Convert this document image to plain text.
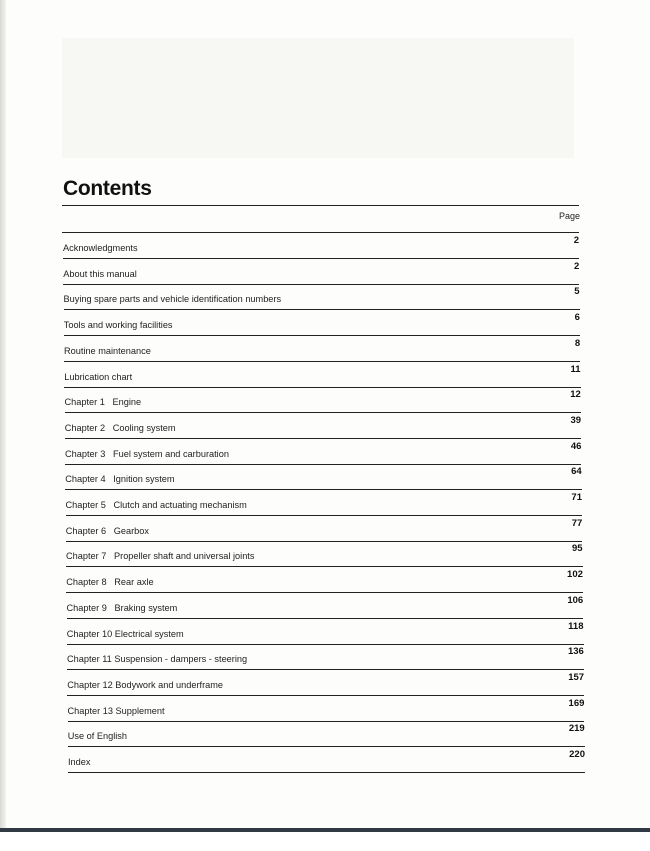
Contents
Page
Acknowledgments
2
About this manual
2
Buying spare parts and vehicle identification numbers
5
Tools and working facilities
6
Routine maintenance
8
Lubrication chart
11
Chapter 1   Engine
12
Chapter 2   Cooling system
39
Chapter 3   Fuel system and carburation
46
Chapter 4   Ignition system
64
Chapter 5   Clutch and actuating mechanism
71
Chapter 6   Gearbox
77
Chapter 7   Propeller shaft and universal joints
95
Chapter 8   Rear axle
102
Chapter 9   Braking system
106
Chapter 10 Electrical system
118
Chapter 11 Suspension - dampers - steering
136
Chapter 12 Bodywork and underframe
157
Chapter 13 Supplement
169
Use of English
219
Index
220
